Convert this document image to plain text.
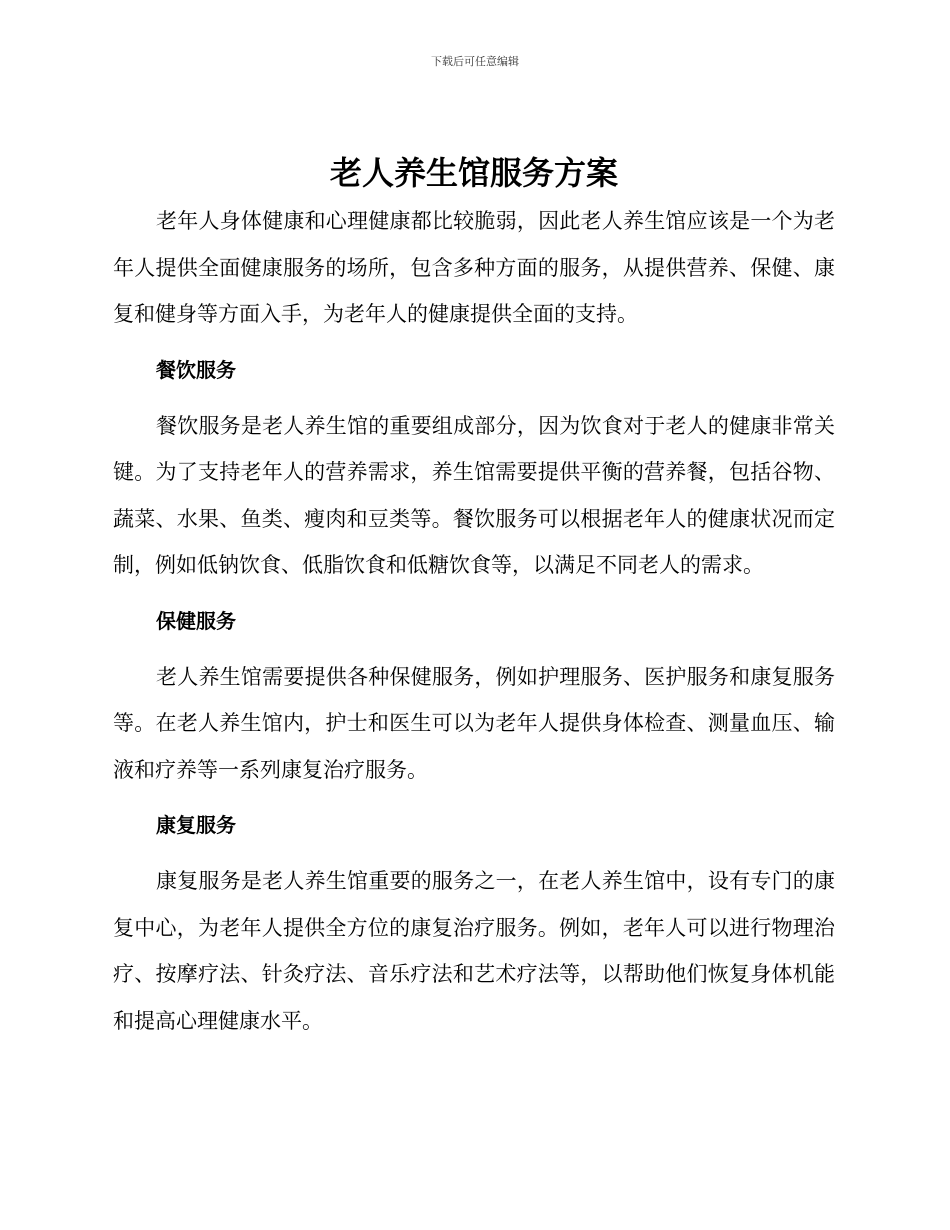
下载后可任意编辑
老人养生馆服务方案

老年人身体健康和心理健康都比较脆弱，因此老人养生馆应该是一个为老年人提供全面健康服务的场所，包含多种方面的服务，从提供营养、保健、康复和健身等方面入手，为老年人的健康提供全面的支持。

餐饮服务

餐饮服务是老人养生馆的重要组成部分，因为饮食对于老人的健康非常关键。为了支持老年人的营养需求，养生馆需要提供平衡的营养餐，包括谷物、蔬菜、水果、鱼类、瘦肉和豆类等。餐饮服务可以根据老年人的健康状况而定制，例如低钠饮食、低脂饮食和低糖饮食等，以满足不同老人的需求。

保健服务

老人养生馆需要提供各种保健服务，例如护理服务、医护服务和康复服务等。在老人养生馆内，护士和医生可以为老年人提供身体检查、测量血压、输液和疗养等一系列康复治疗服务。

康复服务

康复服务是老人养生馆重要的服务之一，在老人养生馆中，设有专门的康复中心，为老年人提供全方位的康复治疗服务。例如，老年人可以进行物理治疗、按摩疗法、针灸疗法、音乐疗法和艺术疗法等，以帮助他们恢复身体机能和提高心理健康水平。
